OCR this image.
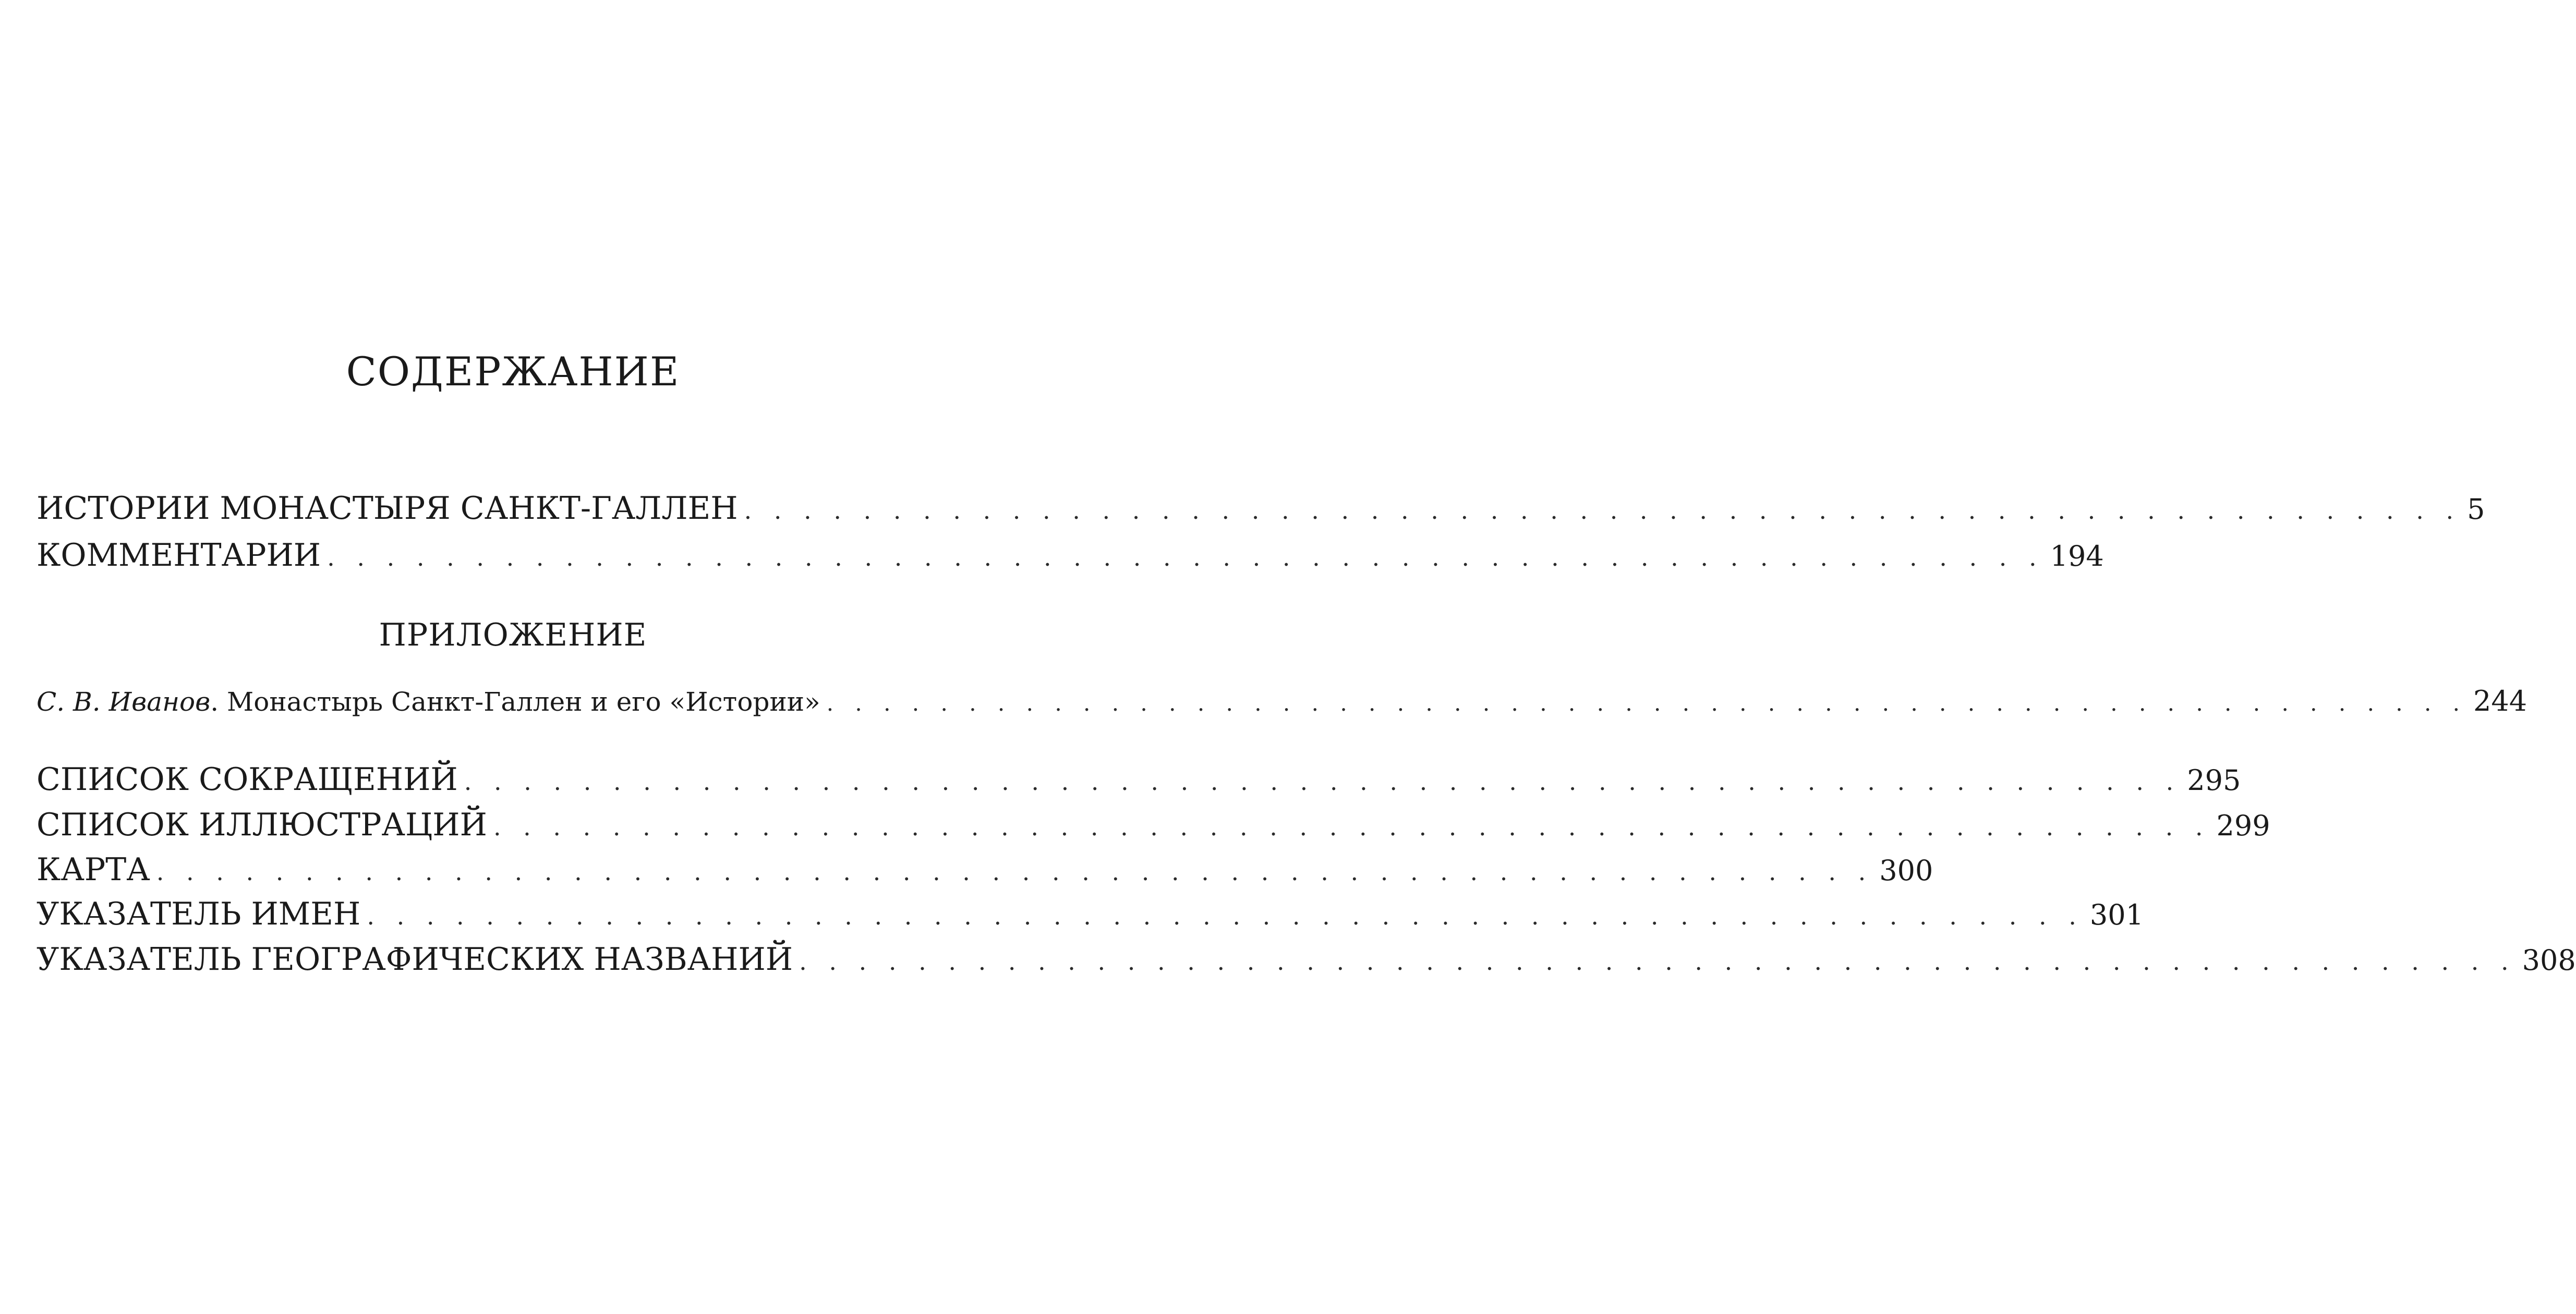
СОДЕРЖАНИЕ
ИСТОРИИ МОНАСТЫРЯ САНКТ-ГАЛЛЕН . . . . . . . . . . . . . . . . . . . . . . . . . . . . . . . . . . . . . . . . . . . . . . . . . . . . . . . . . . 5
КОММЕНТАРИИ . . . . . . . . . . . . . . . . . . . . . . . . . . . . . . . . . . . . . . . . . . . . . . . . . . . . . . . . . . 194
ПРИЛОЖЕНИЕ
С. В. Иванов. Монастырь Санкт-Галлен и его «Истории» . . . . . . . . . . . . . . . . . . . . . . . . . . . . . . . . . . . . . . . . . . . . . . . . . . . . . . . . . . 244
СПИСОК СОКРАЩЕНИЙ . . . . . . . . . . . . . . . . . . . . . . . . . . . . . . . . . . . . . . . . . . . . . . . . . . . . . . . . . . 295
СПИСОК ИЛЛЮСТРАЦИЙ . . . . . . . . . . . . . . . . . . . . . . . . . . . . . . . . . . . . . . . . . . . . . . . . . . . . . . . . . . 299
КАРТА . . . . . . . . . . . . . . . . . . . . . . . . . . . . . . . . . . . . . . . . . . . . . . . . . . . . . . . . . . 300
УКАЗАТЕЛЬ ИМЕН . . . . . . . . . . . . . . . . . . . . . . . . . . . . . . . . . . . . . . . . . . . . . . . . . . . . . . . . . . 301
УКАЗАТЕЛЬ ГЕОГРАФИЧЕСКИХ НАЗВАНИЙ . . . . . . . . . . . . . . . . . . . . . . . . . . . . . . . . . . . . . . . . . . . . . . . . . . . . . . . . . . 308
